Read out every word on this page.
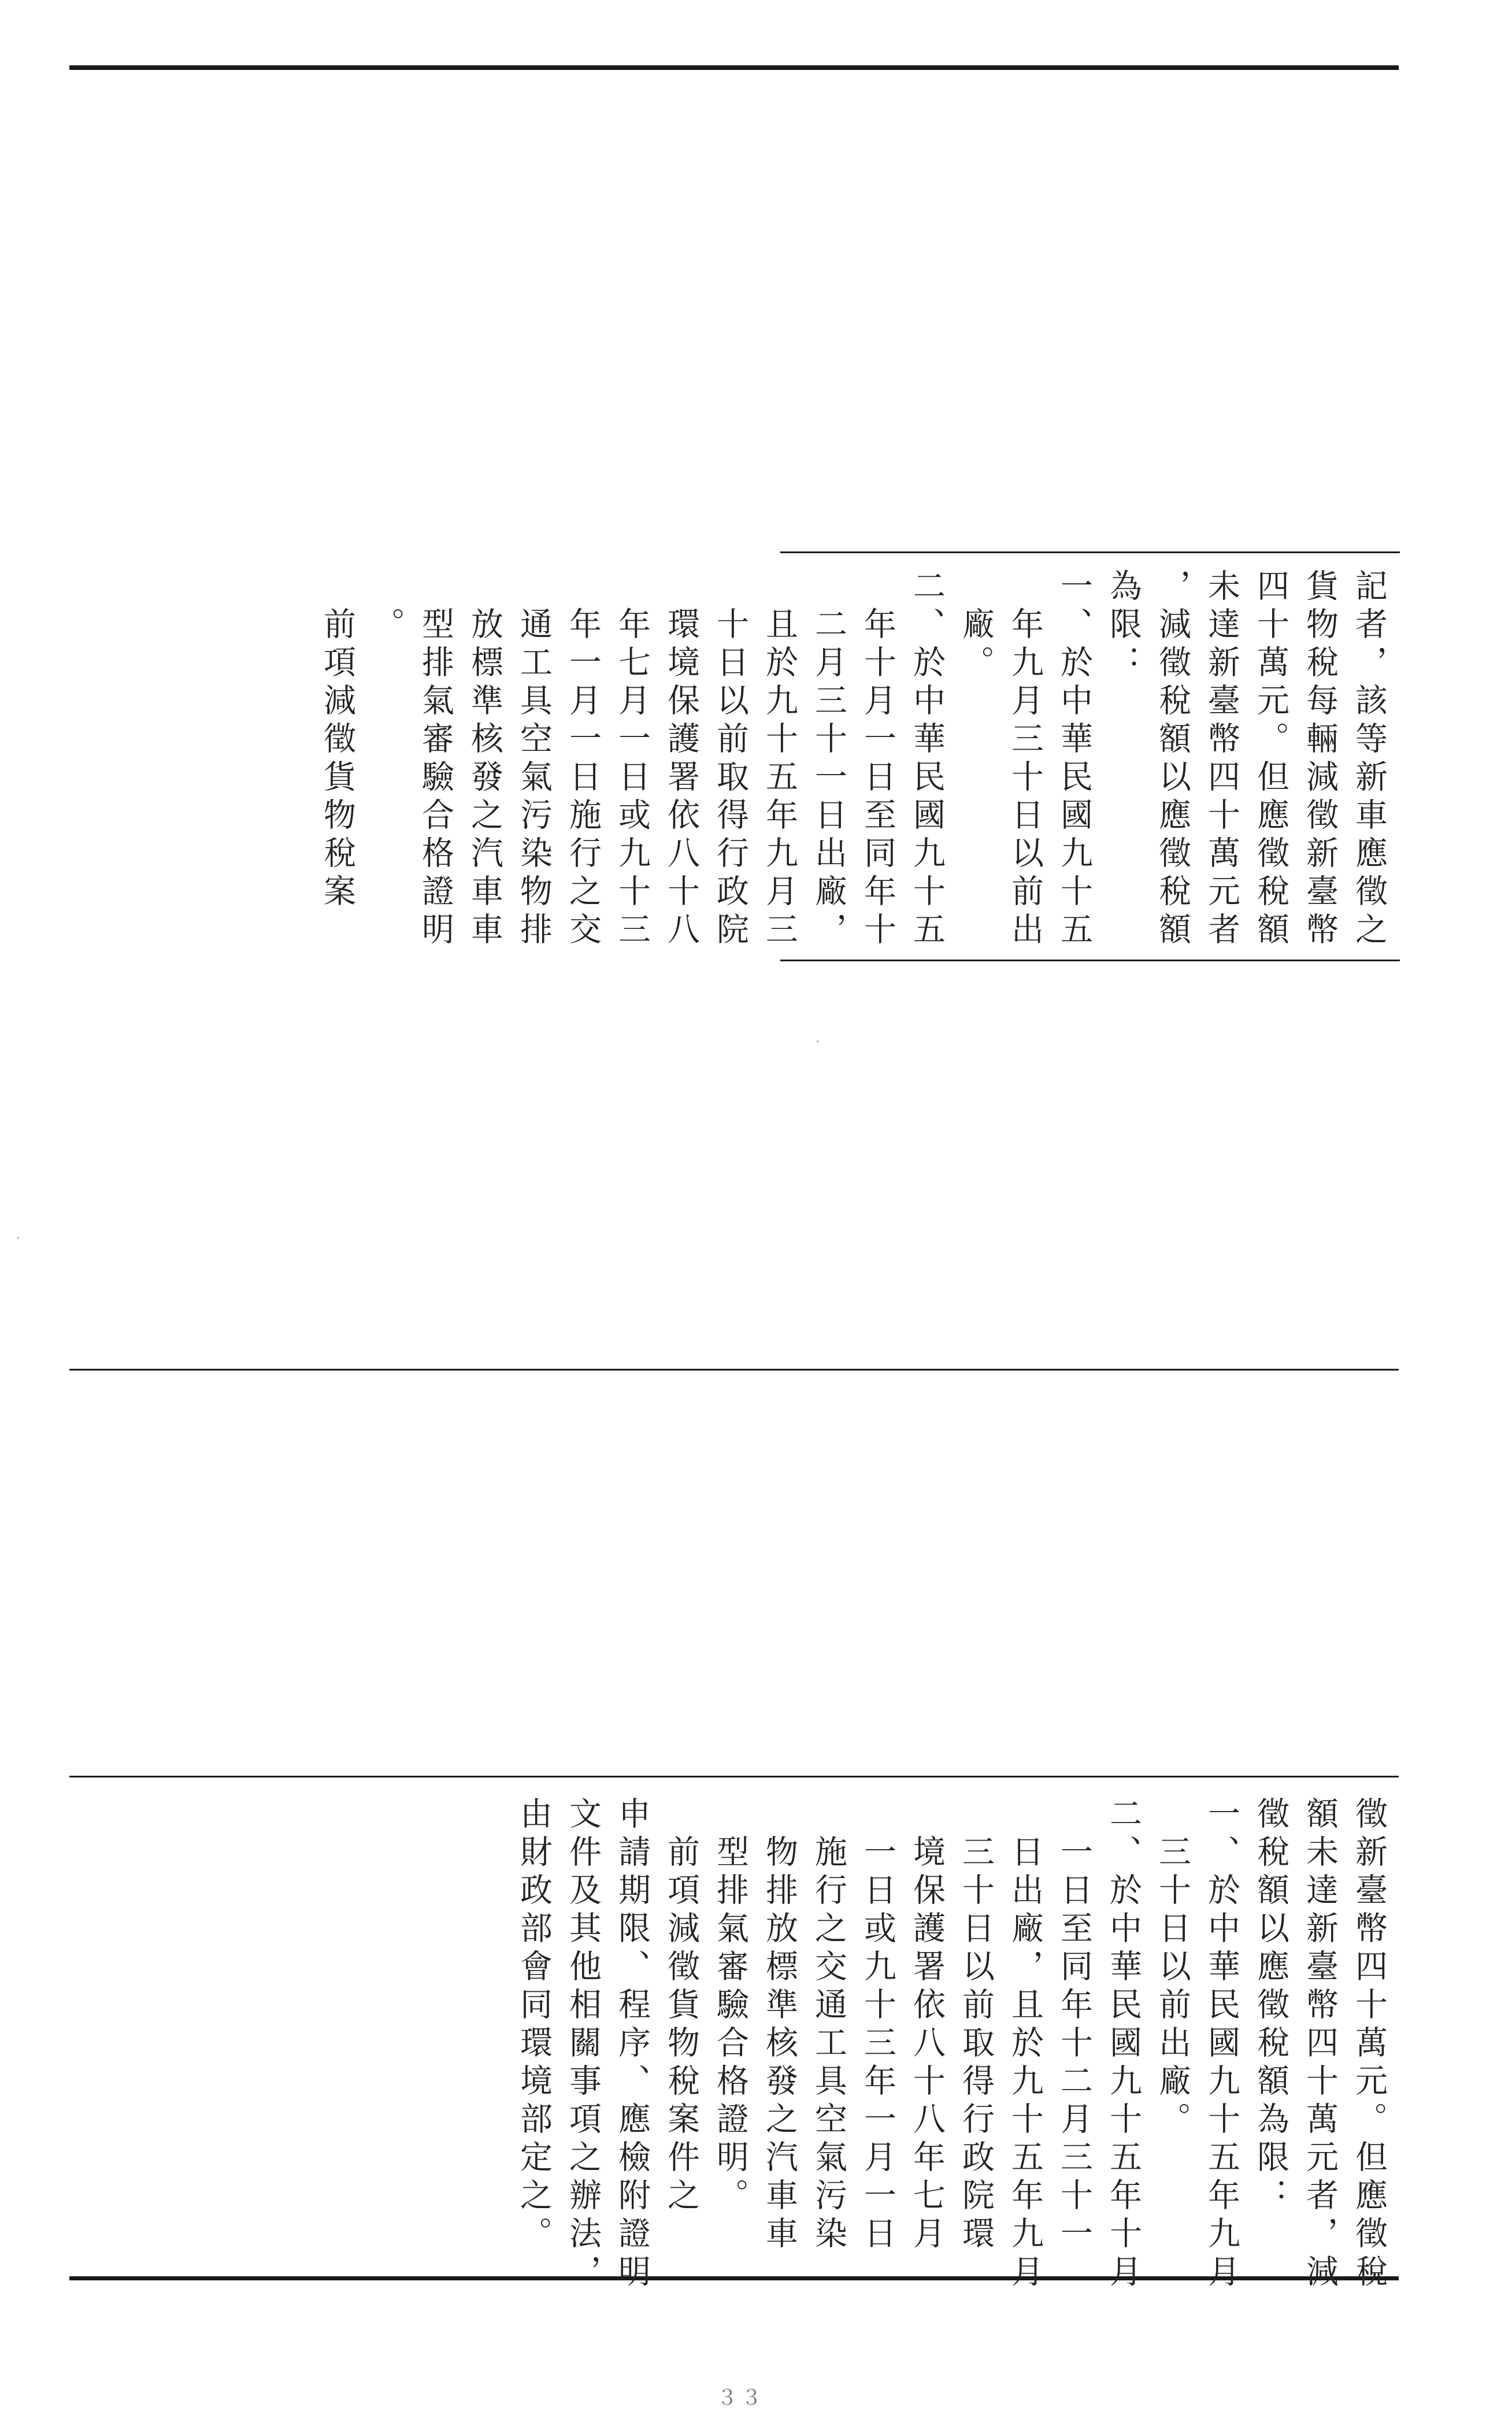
記者，該等新車應徵之
貨物稅每輛減徵新臺幣
四十萬元。但應徵稅額
未達新臺幣四十萬元者
，減徵稅額以應徵稅額
為限：
一、於中華民國九十五
　年九月三十日以前出
　廠。
二、於中華民國九十五
　年十月一日至同年十
　二月三十一日出廠，
　且於九十五年九月三
　十日以前取得行政院
　環境保護署依八十八
　年七月一日或九十三
　年一月一日施行之交
　通工具空氣污染物排
　放標準核發之汽車車
　型排氣審驗合格證明
　。
　前項減徵貨物稅案
徵新臺幣四十萬元。但應徵稅
額未達新臺幣四十萬元者，減
徵稅額以應徵稅額為限：
一、於中華民國九十五年九月
　三十日以前出廠。
二、於中華民國九十五年十月
　一日至同年十二月三十一
　日出廠，且於九十五年九月
　三十日以前取得行政院環
　境保護署依八十八年七月
　一日或九十三年一月一日
　施行之交通工具空氣污染
　物排放標準核發之汽車車
　型排氣審驗合格證明。
　前項減徵貨物稅案件之
申請期限、程序、應檢附證明
文件及其他相關事項之辦法，
由財政部會同環境部定之。
３３
